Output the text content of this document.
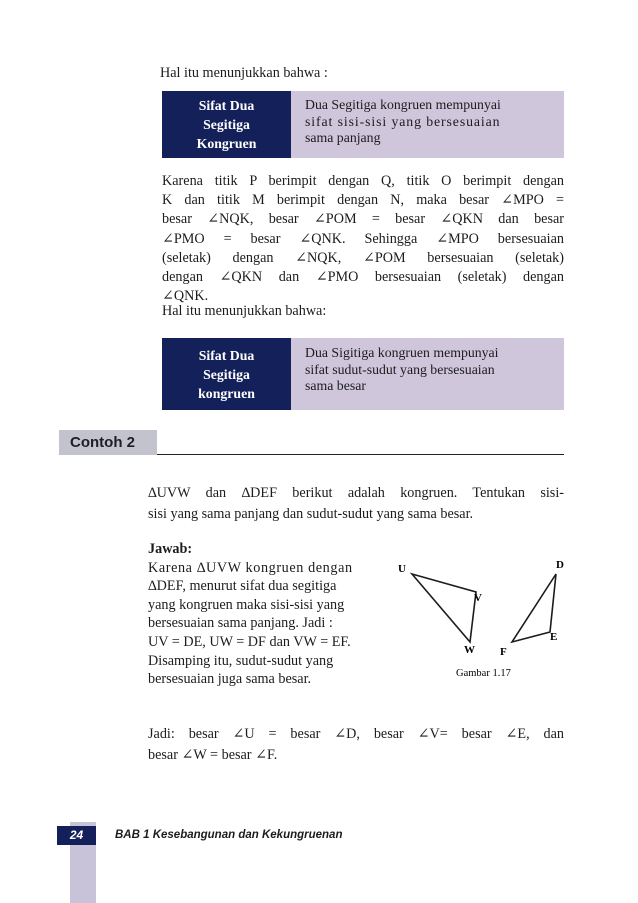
Hal itu menunjukkan bahwa :
Sifat Dua
Segitiga
Kongruen
Dua Segitiga kongruen mempunyai
sifat sisi-sisi yang bersesuaian
sama panjang
Karena titik P berimpit dengan Q, titik O berimpit dengan
K dan titik M berimpit dengan N, maka besar ∠MPO =
besar ∠NQK, besar ∠POM = besar ∠QKN dan besar
∠PMO = besar ∠QNK. Sehingga ∠MPO bersesuaian
(seletak) dengan ∠NQK, ∠POM bersesuaian (seletak)
dengan ∠QKN dan ∠PMO bersesuaian (seletak) dengan
∠QNK.
Hal itu menunjukkan bahwa:
Sifat Dua
Segitiga
kongruen
Dua Sigitiga kongruen mempunyai
sifat sudut-sudut yang bersesuaian
sama besar
Contoh 2
∆UVW dan ∆DEF berikut adalah kongruen. Tentukan sisi-
sisi yang sama panjang dan sudut-sudut yang sama besar.
Jawab:
Karena ∆UVW kongruen dengan
∆DEF, menurut sifat dua segitiga
yang kongruen maka sisi-sisi yang
bersesuaian sama panjang. Jadi :
UV = DE, UW = DF dan VW = EF.
Disamping itu, sudut-sudut yang
bersesuaian juga sama besar.
U
V
W
D
E
F
Gambar 1.17
Jadi: besar ∠U = besar ∠D, besar ∠V= besar ∠E, dan
besar ∠W = besar ∠F.
24	BAB 1 Kesebangunan dan Kekungruenan
